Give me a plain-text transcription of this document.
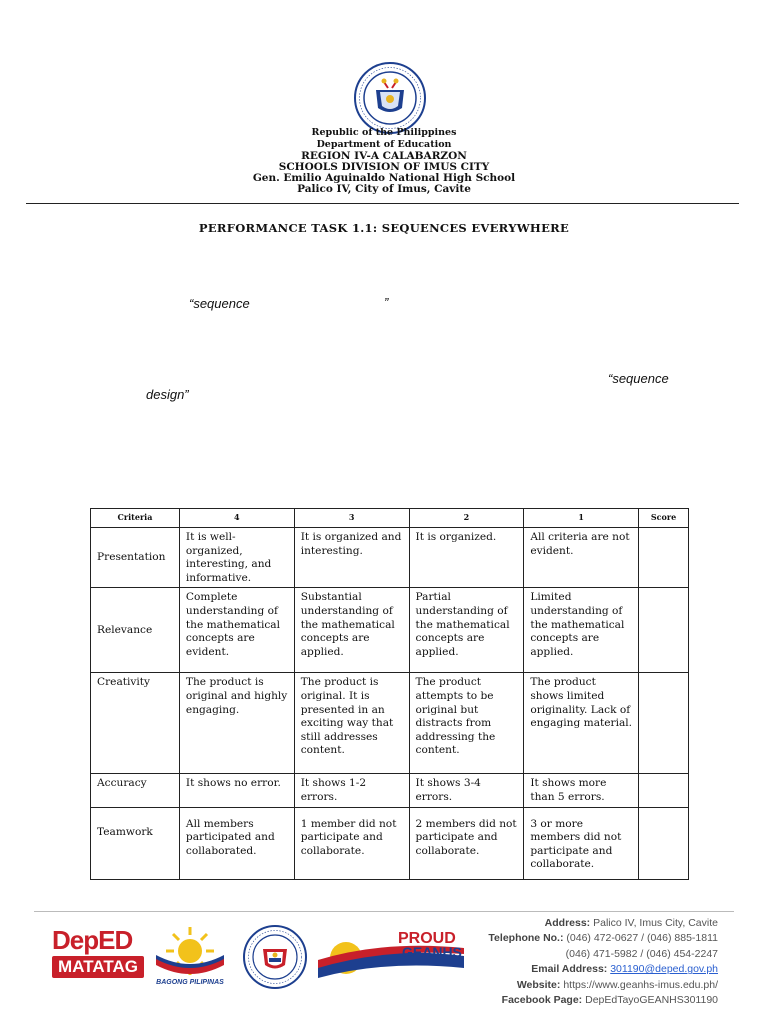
Republic of the Philippines
Department of Education
REGION IV-A CALABARZON
SCHOOLS DIVISION OF IMUS CITY
Gen. Emilio Aguinaldo National High School
Palico IV, City of Imus, Cavite
PERFORMANCE TASK 1.1: SEQUENCES EVERYWHERE
“sequence	”
“sequence
design”
Criteria	4	3	2	1	Score
Presentation	It is well-organized, interesting, and informative.	It is organized and interesting.	It is organized.	All criteria are not evident.	
Relevance	Complete understanding of the mathematical concepts are evident.	Substantial understanding of the mathematical concepts are applied.	Partial understanding of the mathematical concepts are applied.	Limited understanding of the mathematical concepts are applied.	
Creativity	The product is original and highly engaging.	The product is original. It is presented in an exciting way that still addresses content.	The product attempts to be original but distracts from addressing the content.	The product shows limited originality. Lack of engaging material.	
Accuracy	It shows no error.	It shows 1-2 errors.	It shows 3-4 errors.	It shows more than 5 errors.	
Teamwork	All members participated and collaborated.	1 member did not participate and collaborate.	2 members did not participate and collaborate.	3 or more members did not participate and collaborate.	
DepED
MATATAG
BAGONG PILIPINAS
PROUD
GEANHS
Address: Palico IV, Imus City, Cavite
Telephone No.: (046) 472-0627 / (046) 885-1811
(046) 471-5982 / (046) 454-2247
Email Address: 301190@deped.gov.ph
Website: https://www.geanhs-imus.edu.ph/
Facebook Page: DepEdTayoGEANHS301190
